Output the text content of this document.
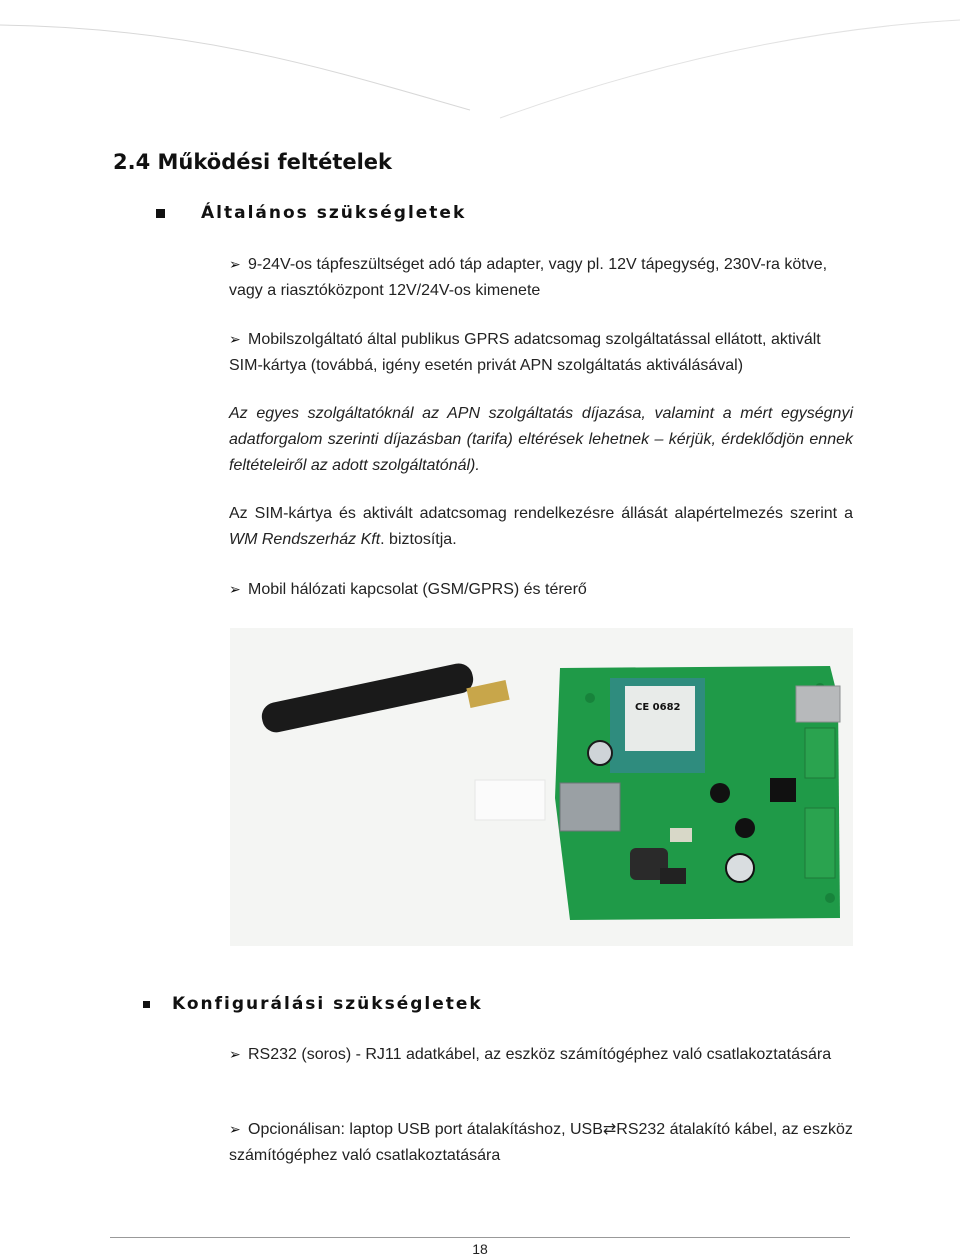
2.4 Működési feltételek
Általános szükségletek
➢ 9-24V-os tápfeszültséget adó táp adapter, vagy pl. 12V tápegység, 230V-ra kötve, vagy a riasztóközpont 12V/24V-os kimenete
➢ Mobilszolgáltató által publikus GPRS adatcsomag szolgáltatással ellátott, aktivált SIM-kártya (továbbá, igény esetén privát APN szolgáltatás aktiválásával)
Az egyes szolgáltatóknál az APN szolgáltatás díjazása, valamint a mért egységnyi adatforgalom szerinti díjazásban (tarifa) eltérések lehetnek – kérjük, érdeklődjön ennek feltételeiről az adott szolgáltatónál).
Az SIM-kártya és aktivált adatcsomag rendelkezésre állását alapértelmezés szerint a WM Rendszerház Kft. biztosítja.
➢ Mobil hálózati kapcsolat (GSM/GPRS) és térerő
CE 0682
Konfigurálási szükségletek
➢ RS232 (soros) - RJ11 adatkábel, az eszköz számítógéphez való csatlakoztatására
➢ Opcionálisan: laptop USB port átalakításhoz, USB⇄RS232 átalakító kábel, az eszköz számítógéphez való csatlakoztatására
18
